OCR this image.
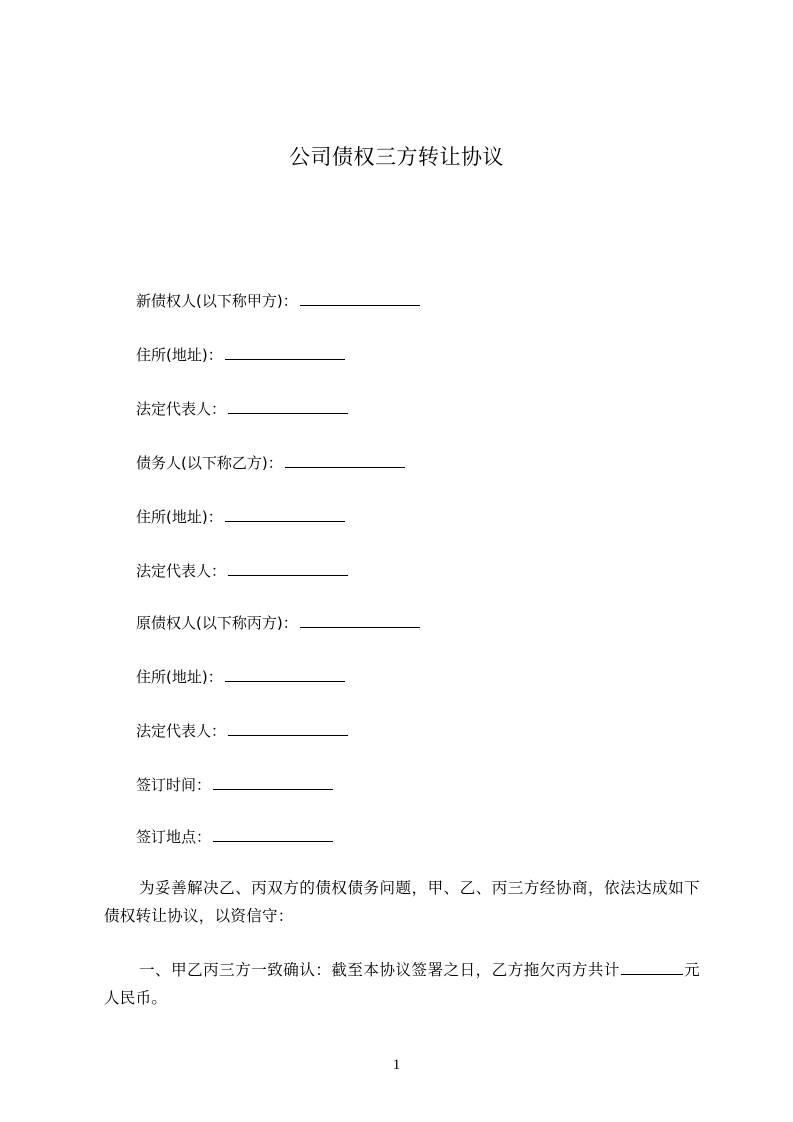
公司债权三方转让协议
新债权人(以下称甲方)：
住所(地址)：
法定代表人：
债务人(以下称乙方)：
住所(地址)：
法定代表人：
原债权人(以下称丙方)：
住所(地址)：
法定代表人：
签订时间：
签订地点：
为妥善解决乙、丙双方的债权债务问题，甲、乙、丙三方经协商，依法达成如下债权转让协议，以资信守：
一、甲乙丙三方一致确认：截至本协议签署之日，乙方拖欠丙方共计	元人民币。
1
